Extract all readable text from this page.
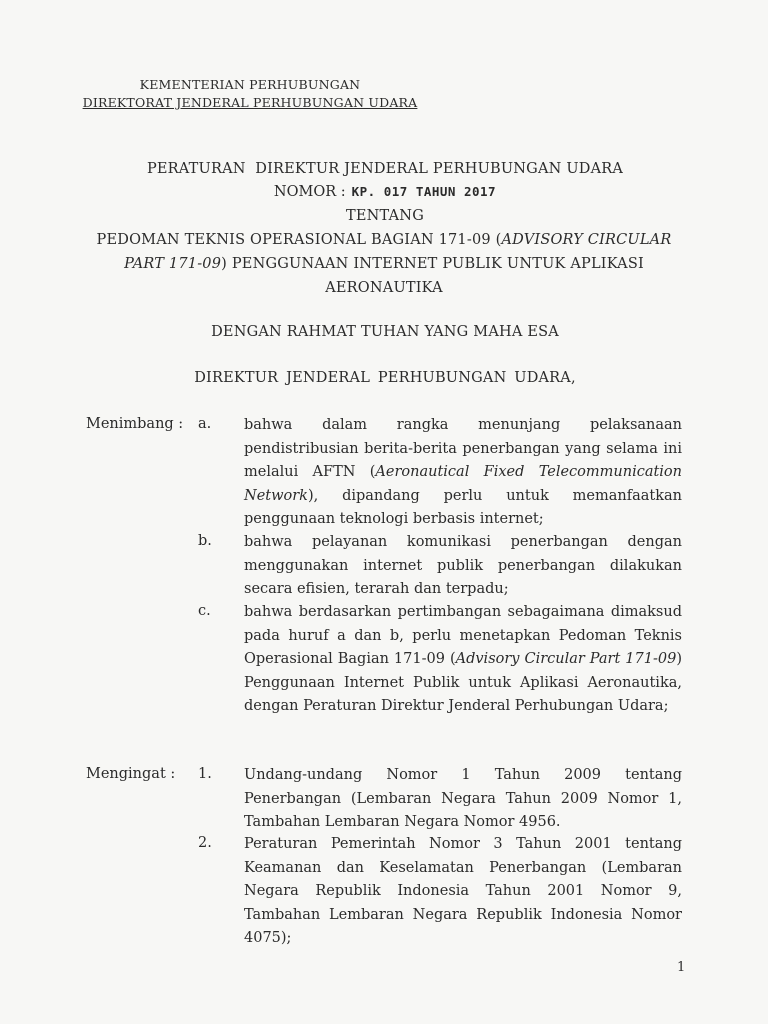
KEMENTERIAN PERHUBUNGAN
DIREKTORAT JENDERAL PERHUBUNGAN UDARA
PERATURAN  DIREKTUR JENDERAL PERHUBUNGAN UDARA
NOMOR : KP. 017 TAHUN 2017
TENTANG
PEDOMAN TEKNIS OPERASIONAL BAGIAN 171-09 (ADVISORY CIRCULAR PART 171-09) PENGGUNAAN INTERNET PUBLIK UNTUK APLIKASI AERONAUTIKA
DENGAN RAHMAT TUHAN YANG MAHA ESA
DIREKTUR JENDERAL PERHUBUNGAN UDARA,
Menimbang : a. bahwa dalam rangka menunjang pelaksanaan pendistribusian berita-berita penerbangan yang selama ini melalui AFTN (Aeronautical Fixed Telecommunication Network), dipandang perlu untuk memanfaatkan penggunaan teknologi berbasis internet;
b. bahwa pelayanan komunikasi penerbangan dengan menggunakan internet publik penerbangan dilakukan secara efisien, terarah dan terpadu;
c. bahwa berdasarkan pertimbangan sebagaimana dimaksud pada huruf a dan b, perlu menetapkan Pedoman Teknis Operasional Bagian 171-09 (Advisory Circular Part 171-09) Penggunaan Internet Publik untuk Aplikasi Aeronautika, dengan Peraturan Direktur Jenderal Perhubungan Udara;
Mengingat : 1. Undang-undang Nomor 1 Tahun 2009 tentang Penerbangan (Lembaran Negara Tahun 2009 Nomor 1, Tambahan Lembaran Negara Nomor 4956.
2. Peraturan Pemerintah Nomor 3 Tahun 2001 tentang Keamanan dan Keselamatan Penerbangan (Lembaran Negara Republik Indonesia Tahun 2001 Nomor 9, Tambahan Lembaran Negara Republik Indonesia Nomor 4075);
1
